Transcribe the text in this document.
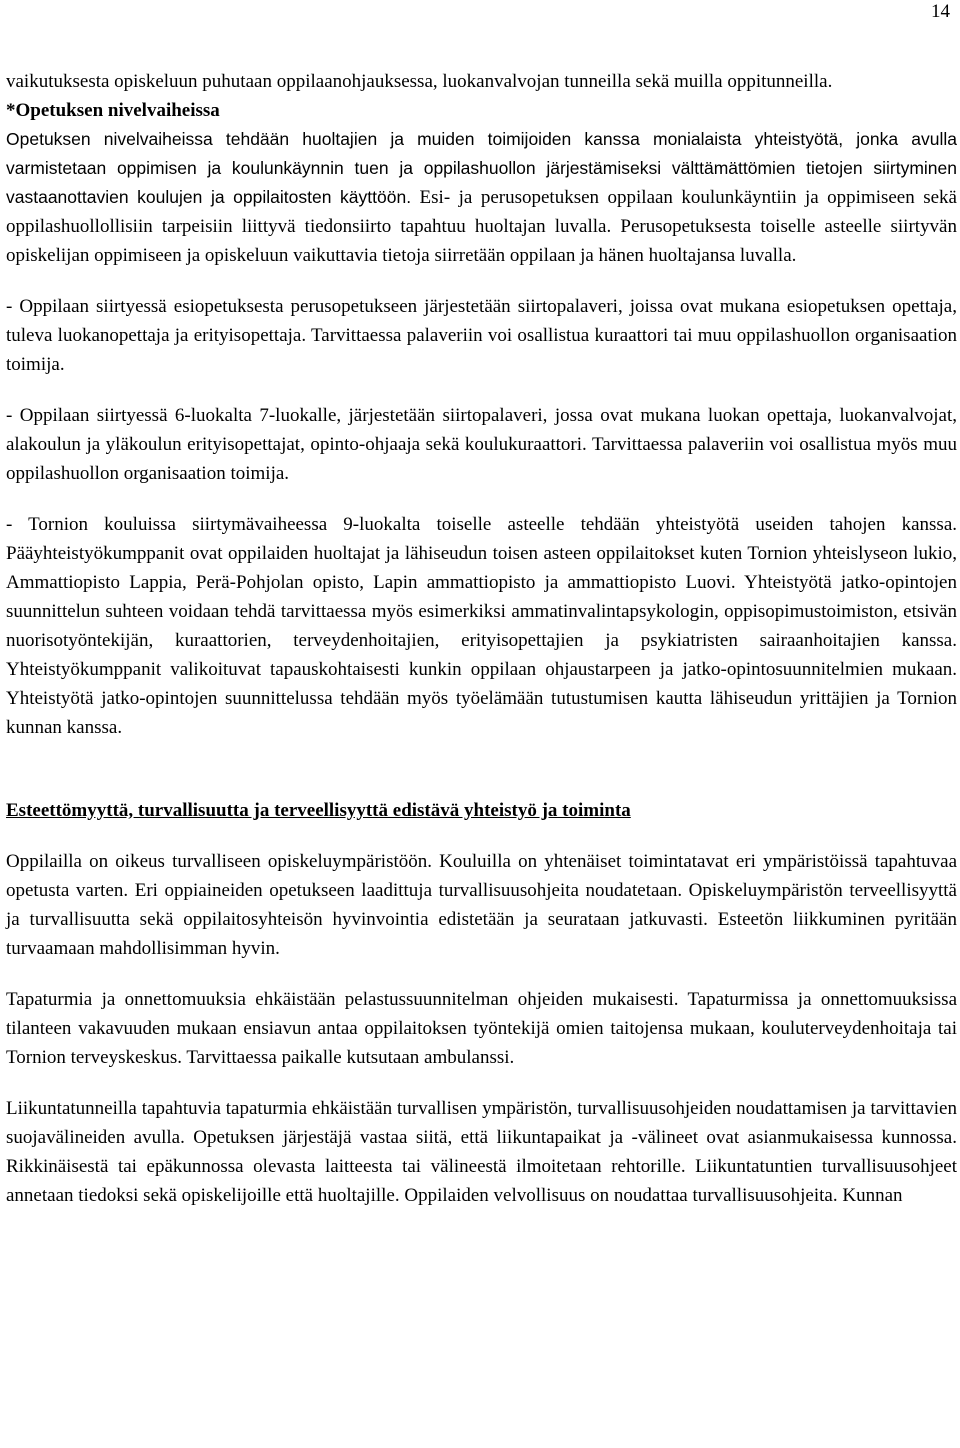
14

vaikutuksesta opiskeluun puhutaan oppilaanohjauksessa, luokanvalvojan tunneilla sekä muilla oppitunneilla.

*Opetuksen nivelvaiheissa

Opetuksen nivelvaiheissa tehdään huoltajien ja muiden toimijoiden kanssa monialaista yhteistyötä, jonka avulla varmistetaan oppimisen ja koulunkäynnin tuen ja oppilashuollon järjestämiseksi välttämättömien tietojen siirtyminen vastaanottavien koulujen ja oppilaitosten käyttöön. Esi- ja perusopetuksen oppilaan koulunkäyntiin ja oppimiseen sekä oppilashuollollisiin tarpeisiin liittyvä tiedonsiirto tapahtuu huoltajan luvalla. Perusopetuksesta toiselle asteelle siirtyvän opiskelijan oppimiseen ja opiskeluun vaikuttavia tietoja siirretään oppilaan ja hänen huoltajansa luvalla.

- Oppilaan siirtyessä esiopetuksesta perusopetukseen järjestetään siirtopalaveri, joissa ovat mukana esiopetuksen opettaja, tuleva luokanopettaja ja erityisopettaja. Tarvittaessa palaveriin voi osallistua kuraattori tai muu oppilashuollon organisaation toimija.

- Oppilaan siirtyessä 6-luokalta 7-luokalle, järjestetään siirtopalaveri, jossa ovat mukana luokan opettaja, luokanvalvojat, alakoulun ja yläkoulun erityisopettajat, opinto-ohjaaja sekä koulukuraattori. Tarvittaessa palaveriin voi osallistua myös muu oppilashuollon organisaation toimija.

- Tornion kouluissa siirtymävaiheessa 9-luokalta toiselle asteelle tehdään yhteistyötä useiden tahojen kanssa. Pääyhteistyökumppanit ovat oppilaiden huoltajat ja lähiseudun toisen asteen oppilaitokset kuten Tornion yhteislyseon lukio, Ammattiopisto Lappia, Perä-Pohjolan opisto, Lapin ammattiopisto ja ammattiopisto Luovi. Yhteistyötä jatko-opintojen suunnittelun suhteen voidaan tehdä tarvittaessa myös esimerkiksi ammatinvalintapsykologin, oppisopimustoimiston, etsivän nuorisotyöntekijän, kuraattorien, terveydenhoitajien, erityisopettajien ja psykiatristen sairaanhoitajien kanssa. Yhteistyökumppanit valikoituvat tapauskohtaisesti kunkin oppilaan ohjaustarpeen ja jatko-opintosuunnitelmien mukaan. Yhteistyötä jatko-opintojen suunnittelussa tehdään myös työelämään tutustumisen kautta lähiseudun yrittäjien ja Tornion kunnan kanssa.

Esteettömyyttä, turvallisuutta ja terveellisyyttä edistävä yhteistyö ja toiminta

Oppilailla on oikeus turvalliseen opiskeluympäristöön. Kouluilla on yhtenäiset toimintatavat eri ympäristöissä tapahtuvaa opetusta varten. Eri oppiaineiden opetukseen laadittuja turvallisuusohjeita noudatetaan. Opiskeluympäristön terveellisyyttä ja turvallisuutta sekä oppilaitosyhteisön hyvinvointia edistetään ja seurataan jatkuvasti. Esteetön liikkuminen pyritään turvaamaan mahdollisimman hyvin.

Tapaturmia ja onnettomuuksia ehkäistään pelastussuunnitelman ohjeiden mukaisesti. Tapaturmissa ja onnettomuuksissa tilanteen vakavuuden mukaan ensiavun antaa oppilaitoksen työntekijä omien taitojensa mukaan, kouluterveydenhoitaja tai Tornion terveyskeskus. Tarvittaessa paikalle kutsutaan ambulanssi.

Liikuntatunneilla tapahtuvia tapaturmia ehkäistään turvallisen ympäristön, turvallisuusohjeiden noudattamisen ja tarvittavien suojavälineiden avulla. Opetuksen järjestäjä vastaa siitä, että liikuntapaikat ja -välineet ovat asianmukaisessa kunnossa. Rikkinäisestä tai epäkunnossa olevasta laitteesta tai välineestä ilmoitetaan rehtorille. Liikuntatuntien turvallisuusohjeet annetaan tiedoksi sekä opiskelijoille että huoltajille. Oppilaiden velvollisuus on noudattaa turvallisuusohjeita. Kunnan
